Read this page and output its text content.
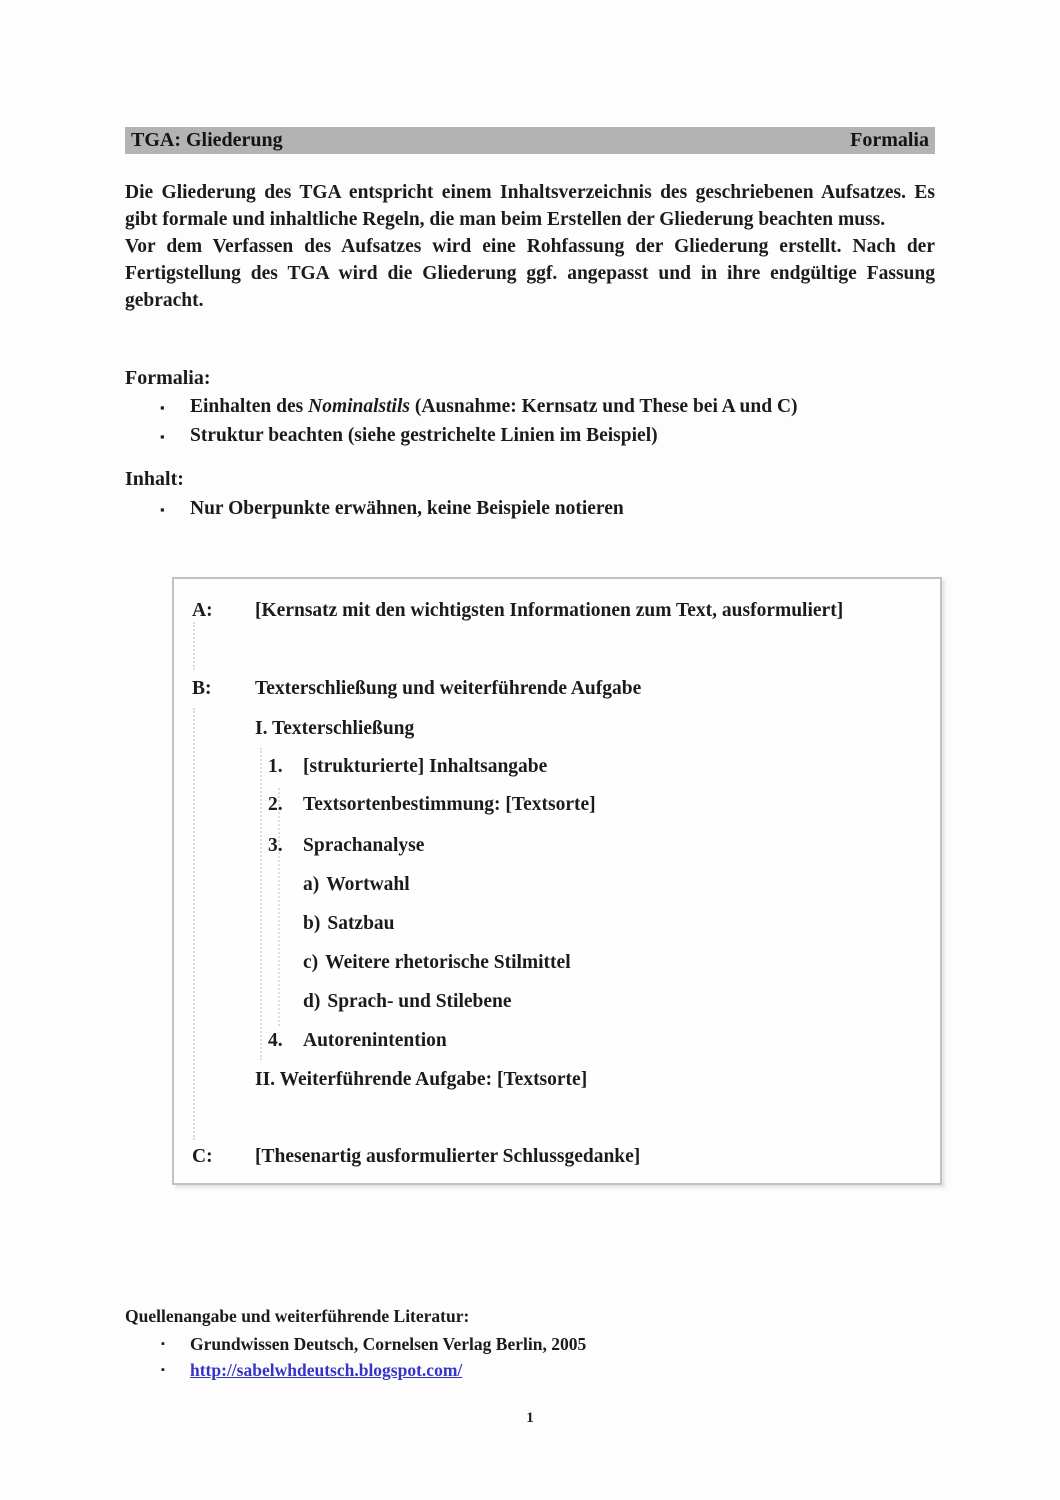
TGA: Gliederung	Formalia

Die Gliederung des TGA entspricht einem Inhaltsverzeichnis des geschriebenen Aufsatzes. Es gibt formale und inhaltliche Regeln, die man beim Erstellen der Gliederung beachten muss.

Vor dem Verfassen des Aufsatzes wird eine Rohfassung der Gliederung erstellt. Nach der Fertigstellung des TGA wird die Gliederung ggf. angepasst und in ihre endgültige Fassung gebracht.

Formalia:
▪ Einhalten des Nominalstils (Ausnahme: Kernsatz und These bei A und C)
▪ Struktur beachten (siehe gestrichelte Linien im Beispiel)
Inhalt:
▪ Nur Oberpunkte erwähnen, keine Beispiele notieren
A: [Kernsatz mit den wichtigsten Informationen zum Text, ausformuliert]
B: Texterschließung und weiterführende Aufgabe
I. Texterschließung
1. [strukturierte] Inhaltsangabe
2. Textsortenbestimmung: [Textsorte]
3. Sprachanalyse
a) Wortwahl
b) Satzbau
c) Weitere rhetorische Stilmittel
d) Sprach- und Stilebene
4. Autorenintention
II. Weiterführende Aufgabe: [Textsorte]
C: [Thesenartig ausformulierter Schlussgedanke]
Quellenangabe und weiterführende Literatur:
▪ Grundwissen Deutsch, Cornelsen Verlag Berlin, 2005
▪ http://sabelwhdeutsch.blogspot.com/
1
